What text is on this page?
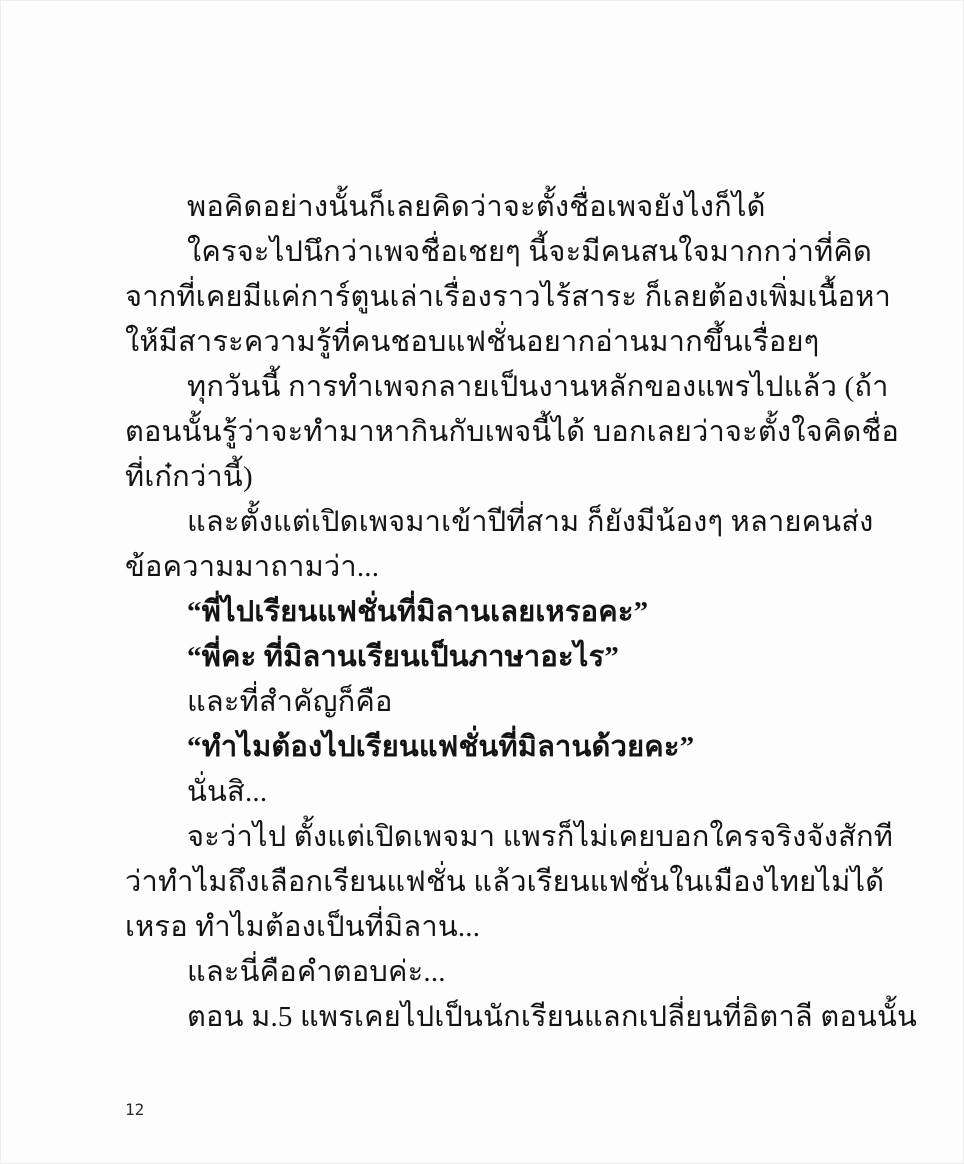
พอคิดอย่างนั้นก็เลยคิดว่าจะตั้งชื่อเพจยังไงก็ได้
ใครจะไปนึกว่าเพจชื่อเชยๆ นี้จะมีคนสนใจมากกว่าที่คิด
จากที่เคยมีแค่การ์ตูนเล่าเรื่องราวไร้สาระ ก็เลยต้องเพิ่มเนื้อหา
ให้มีสาระความรู้ที่คนชอบแฟชั่นอยากอ่านมากขึ้นเรื่อยๆ
ทุกวันนี้ การทำเพจกลายเป็นงานหลักของแพรไปแล้ว (ถ้า
ตอนนั้นรู้ว่าจะทำมาหากินกับเพจนี้ได้ บอกเลยว่าจะตั้งใจคิดชื่อ
ที่เก๋กว่านี้)
และตั้งแต่เปิดเพจมาเข้าปีที่สาม ก็ยังมีน้องๆ หลายคนส่ง
ข้อความมาถามว่า...
“พี่ไปเรียนแฟชั่นที่มิลานเลยเหรอคะ”
“พี่คะ ที่มิลานเรียนเป็นภาษาอะไร”
และที่สำคัญก็คือ
“ทำไมต้องไปเรียนแฟชั่นที่มิลานด้วยคะ”
นั่นสิ...
จะว่าไป ตั้งแต่เปิดเพจมา แพรก็ไม่เคยบอกใครจริงจังสักที
ว่าทำไมถึงเลือกเรียนแฟชั่น แล้วเรียนแฟชั่นในเมืองไทยไม่ได้
เหรอ ทำไมต้องเป็นที่มิลาน...
และนี่คือคำตอบค่ะ...
ตอน ม.5 แพรเคยไปเป็นนักเรียนแลกเปลี่ยนที่อิตาลี ตอนนั้น
12
